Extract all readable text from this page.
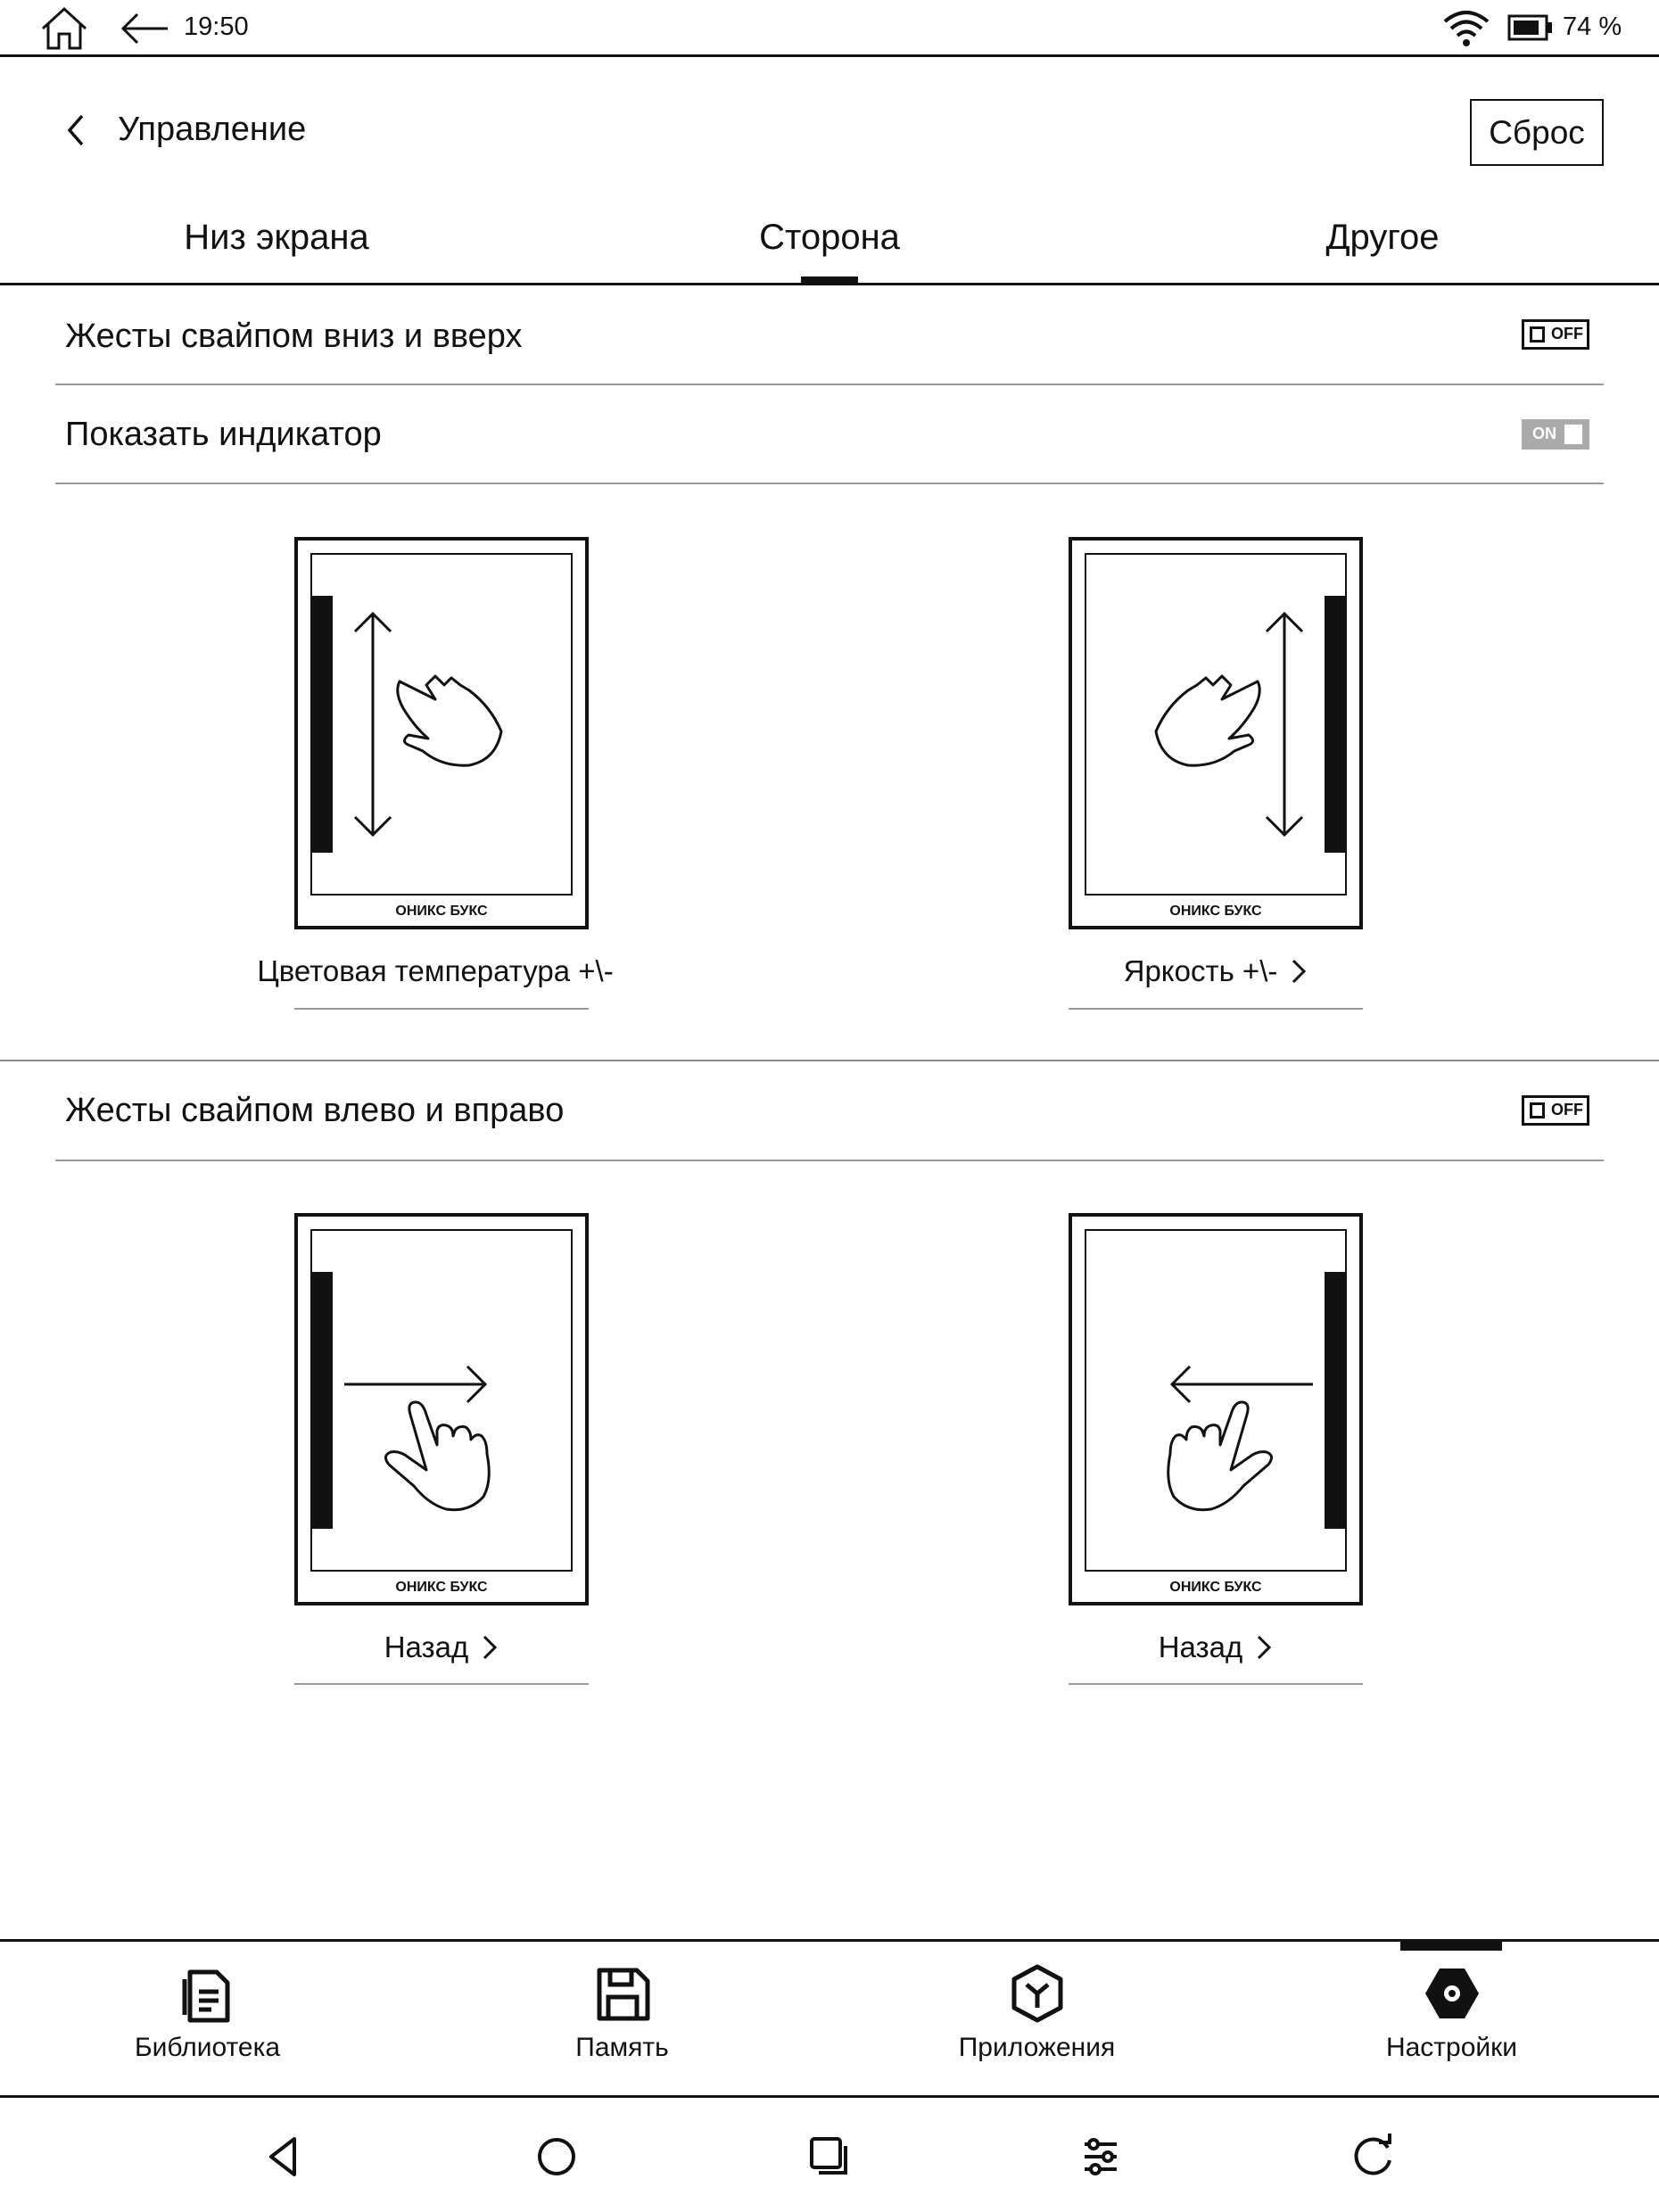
19:50	74 %
Управление	Сброс
Низ экрана	Сторона	Другое
Жесты свайпом вниз и вверх	OFF
Показать индикатор	ON
ОНИКС БУКС
Цветовая температура +\-
ОНИКС БУКС
Яркость +\-
Жесты свайпом влево и вправо	OFF
ОНИКС БУКС
Назад
ОНИКС БУКС
Назад
Библиотека	Память	Приложения	Настройки
